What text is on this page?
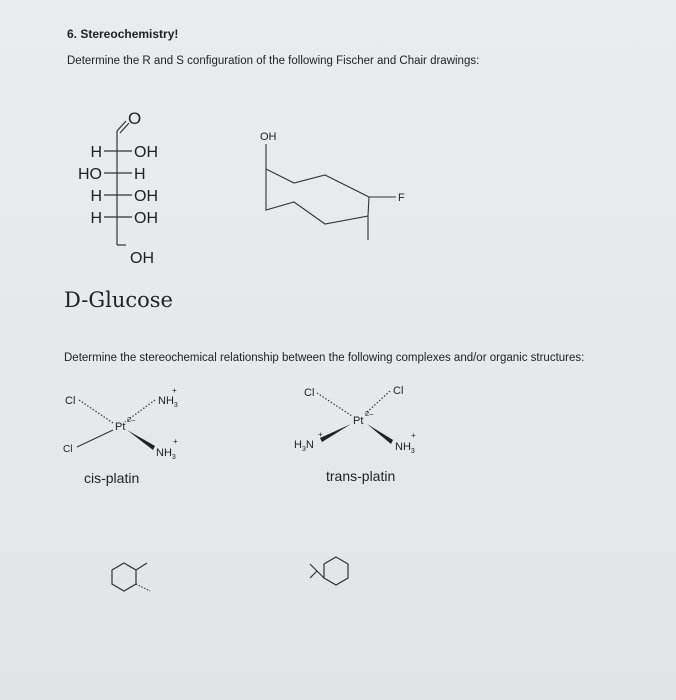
6. Stereochemistry!
Determine the R and S configuration of the following Fischer and Chair drawings:
O
H OH
HO H
H OH
H OH
OH
D-Glucose
OH
F
Determine the stereochemical relationship between the following complexes and/or organic structures:
Cl	$NH_3$
+
Pt
2–
Cl	$NH_3$
+
cis-platin
Cl	Cl
Pt
2–
$H_3N$
+
$NH_3$
+
trans-platin
